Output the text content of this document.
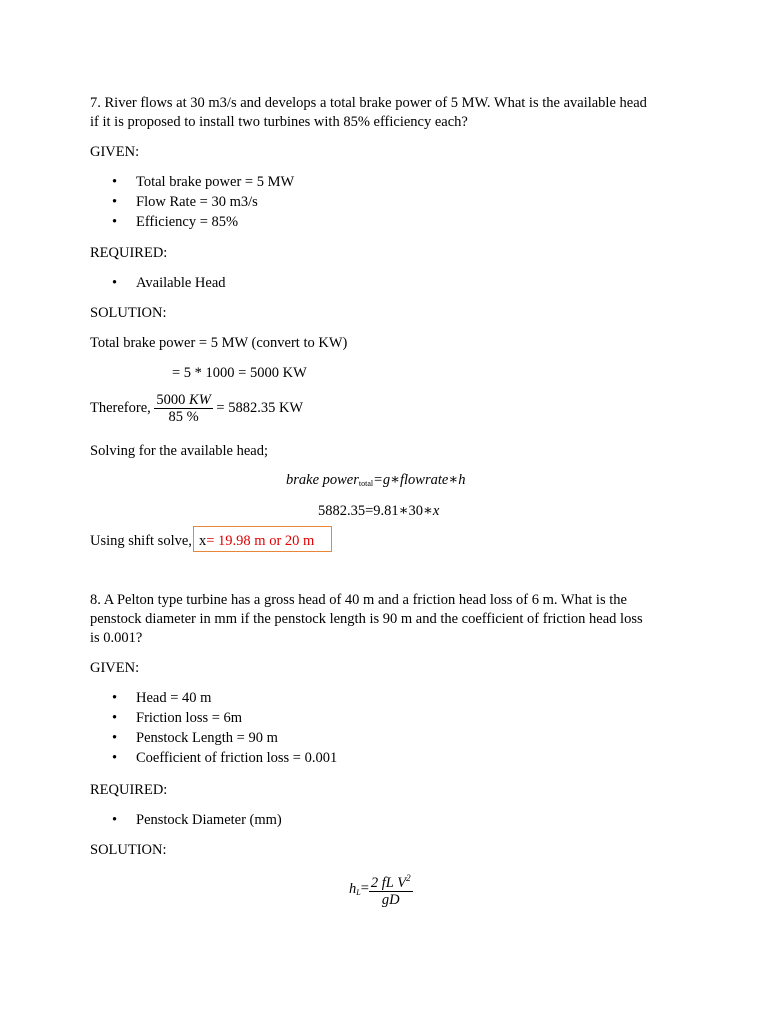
7. River flows at 30 m3/s and develops a total brake power of 5 MW. What is the available head
if it is proposed to install two turbines with 85% efficiency each?
GIVEN:
• Total brake power = 5 MW
• Flow Rate = 30 m3/s
• Efficiency = 85%
REQUIRED:
• Available Head
SOLUTION:
Total brake power = 5 MW (convert to KW)
= 5 * 1000 = 5000 KW
Therefore, $\frac{5000 KW}{85 \%} = 5882.35$ KW
Solving for the available head;
brake power$_{total}$=g∗flowrate∗h
5882.35=9.81∗30∗x
Using shift solve, x= 19.98 m or 20 m
8. A Pelton type turbine has a gross head of 40 m and a friction head loss of 6 m. What is the
penstock diameter in mm if the penstock length is 90 m and the coefficient of friction head loss
is 0.001?
GIVEN:
• Head = 40 m
• Friction loss = 6m
• Penstock Length = 90 m
• Coefficient of friction loss = 0.001
REQUIRED:
• Penstock Diameter (mm)
SOLUTION:
$h_L= \frac{2 fL V^2}{gD}$
